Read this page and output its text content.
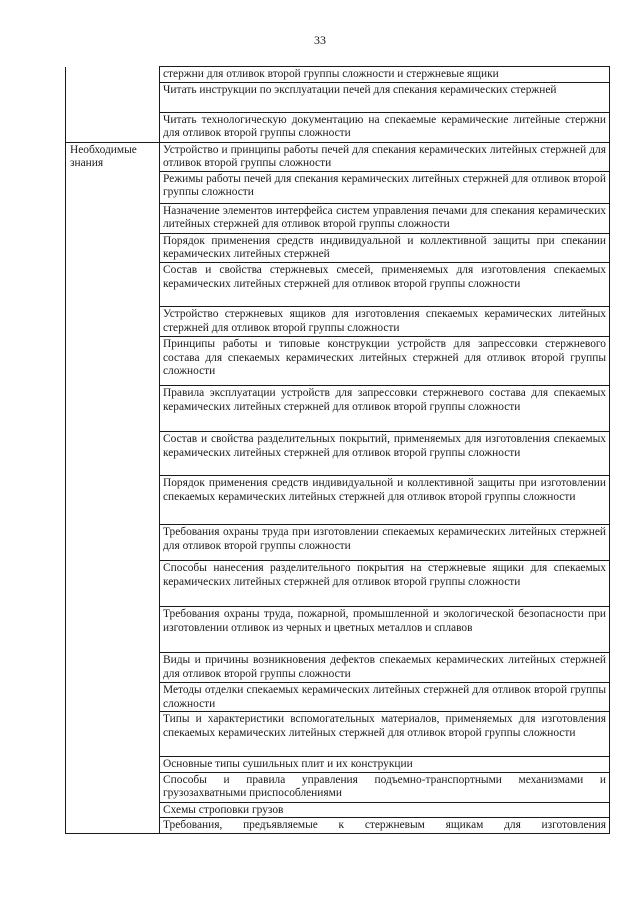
33
	стержни для отливок второй группы сложности и стержневые ящики
	Читать инструкции по эксплуатации печей для спекания керамических стержней
	Читать технологическую документацию на спекаемые керамические литейные стержни для отливок второй группы сложности
Необходимые знания	Устройство и принципы работы печей для спекания керамических литейных стержней для отливок второй группы сложности
	Режимы работы печей для спекания керамических литейных стержней для отливок второй группы сложности
	Назначение элементов интерфейса систем управления печами для спекания керамических литейных стержней для отливок второй группы сложности
	Порядок применения средств индивидуальной и коллективной защиты при спекании керамических литейных стержней
	Состав и свойства стержневых смесей, применяемых для изготовления спекаемых керамических литейных стержней для отливок второй группы сложности
	Устройство стержневых ящиков для изготовления спекаемых керамических литейных стержней для отливок второй группы сложности
	Принципы работы и типовые конструкции устройств для запрессовки стержневого состава для спекаемых керамических литейных стержней для отливок второй группы сложности
	Правила эксплуатации устройств для запрессовки стержневого состава для спекаемых керамических литейных стержней для отливок второй группы сложности
	Состав и свойства разделительных покрытий, применяемых для изготовления спекаемых керамических литейных стержней для отливок второй группы сложности
	Порядок применения средств индивидуальной и коллективной защиты при изготовлении спекаемых керамических литейных стержней для отливок второй группы сложности
	Требования охраны труда при изготовлении спекаемых керамических литейных стержней для отливок второй группы сложности
	Способы нанесения разделительного покрытия на стержневые ящики для спекаемых керамических литейных стержней для отливок второй группы сложности
	Требования охраны труда, пожарной, промышленной и экологической безопасности при изготовлении отливок из черных и цветных металлов и сплавов
	Виды и причины возникновения дефектов спекаемых керамических литейных стержней для отливок второй группы сложности
	Методы отделки спекаемых керамических литейных стержней для отливок второй группы сложности
	Типы и характеристики вспомогательных материалов, применяемых для изготовления спекаемых керамических литейных стержней для отливок второй группы сложности
	Основные типы сушильных плит и их конструкции
	Способы и правила управления подъемно-транспортными механизмами и грузозахватными приспособлениями
	Схемы строповки грузов
	Требования, предъявляемые к стержневым ящикам для изготовления
